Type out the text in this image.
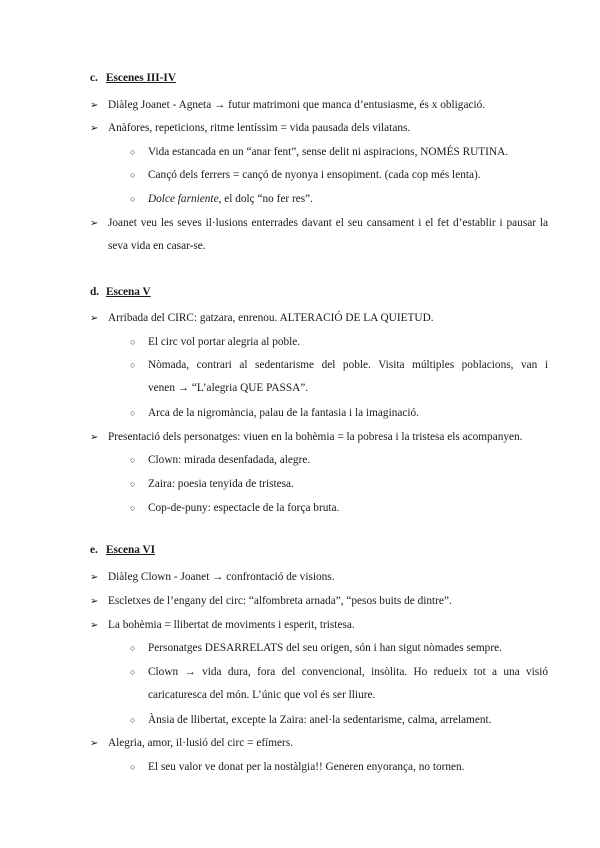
c. Escenes III-IV
➢ Diàleg Joanet - Agneta → futur matrimoni que manca d’entusiasme, és x obligació.
➢ Anàfores, repeticions, ritme lentíssim = vida pausada dels vilatans.
○ Vida estancada en un “anar fent”, sense delit ni aspiracions, NOMÉS RUTINA.
○ Cançó dels ferrers = cançó de nyonya i ensopiment. (cada cop més lenta).
○ Dolce farniente, el dolç “no fer res”.
➢ Joanet veu les seves il·lusions enterrades davant el seu cansament i el fet d’establir i pausar la
seva vida en casar-se.
d. Escena V
➢ Arribada del CIRC: gatzara, enrenou. ALTERACIÓ DE LA QUIETUD.
○ El circ vol portar alegria al poble.
○ Nòmada, contrari al sedentarisme del poble. Visita múltiples poblacions, van i
venen → “L’alegria QUE PASSA”.
○ Arca de la nigromància, palau de la fantasia i la imaginació.
➢ Presentació dels personatges: viuen en la bohèmia = la pobresa i la tristesa els acompanyen.
○ Clown: mirada desenfadada, alegre.
○ Zaira: poesia tenyida de tristesa.
○ Cop-de-puny: espectacle de la força bruta.
e. Escena VI
➢ Diàleg Clown - Joanet → confrontació de visions.
➢ Escletxes de l’engany del circ: “alfombreta arnada”, “pesos buits de dintre”.
➢ La bohèmia = llibertat de moviments i esperit, tristesa.
○ Personatges DESARRELATS del seu origen, són i han sigut nòmades sempre.
○ Clown → vida dura, fora del convencional, insòlita. Ho redueix tot a una visió
caricaturesca del món. L’únic que vol és ser lliure.
○ Ànsia de llibertat, excepte la Zaira: anel·la sedentarisme, calma, arrelament.
➢ Alegria, amor, il·lusió del circ = efímers.
○ El seu valor ve donat per la nostàlgia!! Generen enyorança, no tornen.
